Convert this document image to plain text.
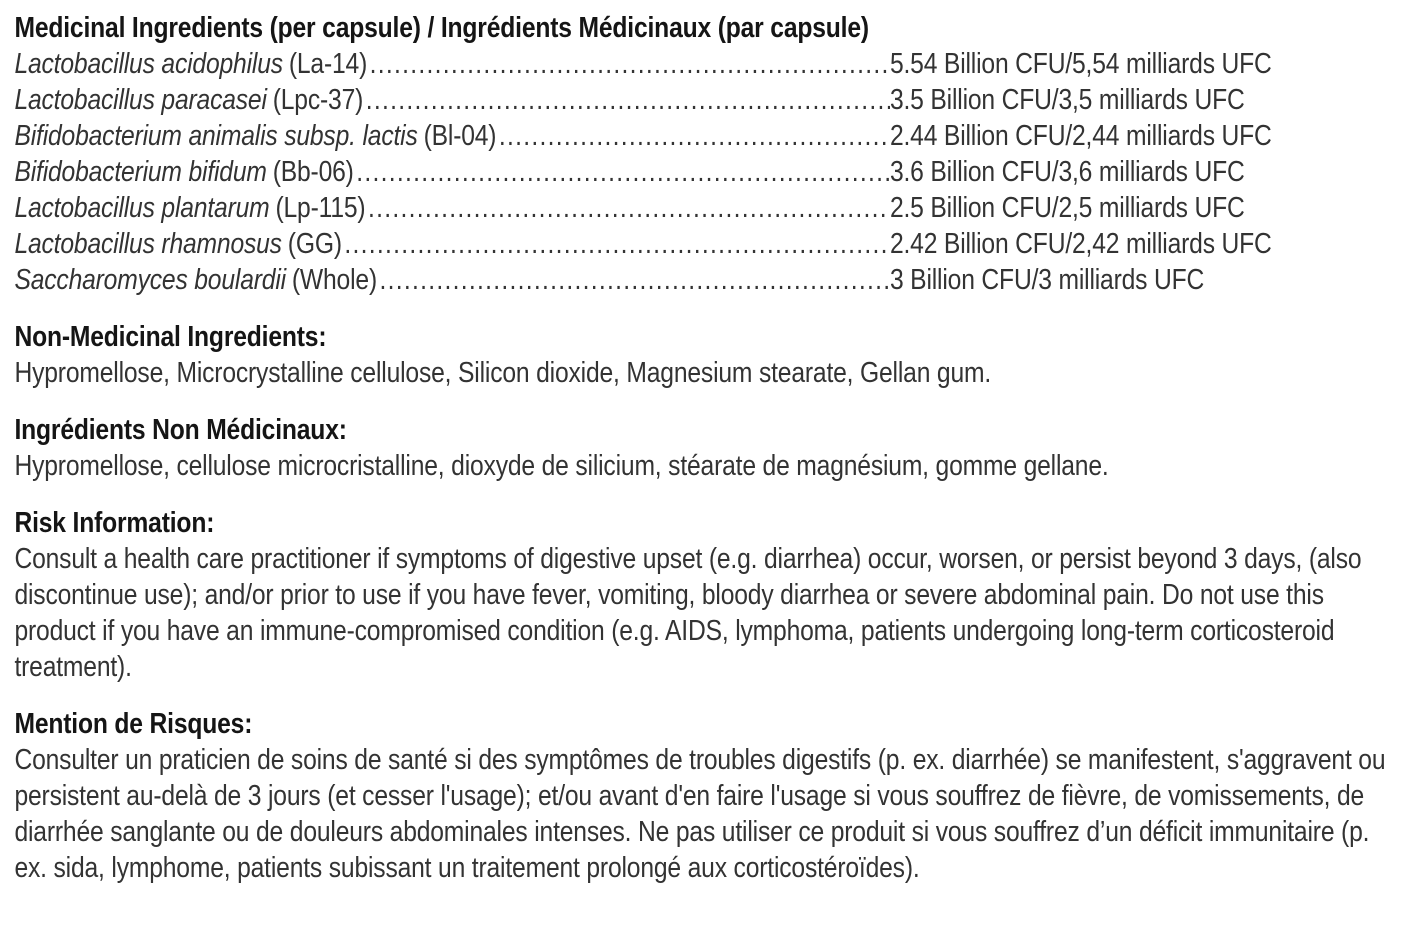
Medicinal Ingredients (per capsule) / Ingrédients Médicinaux (par capsule)
Lactobacillus acidophilus (La-14) .....	5.54 Billion CFU/5,54 milliards UFC
Lactobacillus paracasei (Lpc-37) .....	3.5 Billion CFU/3,5 milliards UFC
Bifidobacterium animalis subsp. lactis (Bl-04) .....	2.44 Billion CFU/2,44 milliards UFC
Bifidobacterium bifidum (Bb-06) .....	3.6 Billion CFU/3,6 milliards UFC
Lactobacillus plantarum (Lp-115) .....	2.5 Billion CFU/2,5 milliards UFC
Lactobacillus rhamnosus (GG) .....	2.42 Billion CFU/2,42 milliards UFC
Saccharomyces boulardii (Whole) .....	3 Billion CFU/3 milliards UFC
Non-Medicinal Ingredients:

Hypromellose, Microcrystalline cellulose, Silicon dioxide, Magnesium stearate, Gellan gum.

Ingrédients Non Médicinaux:

Hypromellose, cellulose microcristalline, dioxyde de silicium, stéarate de magnésium, gomme gellane.

Risk Information:

Consult a health care practitioner if symptoms of digestive upset (e.g. diarrhea) occur, worsen, or persist beyond 3 days, (also discontinue use); and/or prior to use if you have fever, vomiting, bloody diarrhea or severe abdominal pain. Do not use this product if you have an immune-compromised condition (e.g. AIDS, lymphoma, patients undergoing long-term corticosteroid treatment).

Mention de Risques:

Consulter un praticien de soins de santé si des symptômes de troubles digestifs (p. ex. diarrhée) se manifestent, s'aggravent ou persistent au-delà de 3 jours (et cesser l'usage); et/ou avant d'en faire l'usage si vous souffrez de fièvre, de vomissements, de diarrhée sanglante ou de douleurs abdominales intenses. Ne pas utiliser ce produit si vous souffrez d’un déficit immunitaire (p. ex. sida, lymphome, patients subissant un traitement prolongé aux corticostéroïdes).
